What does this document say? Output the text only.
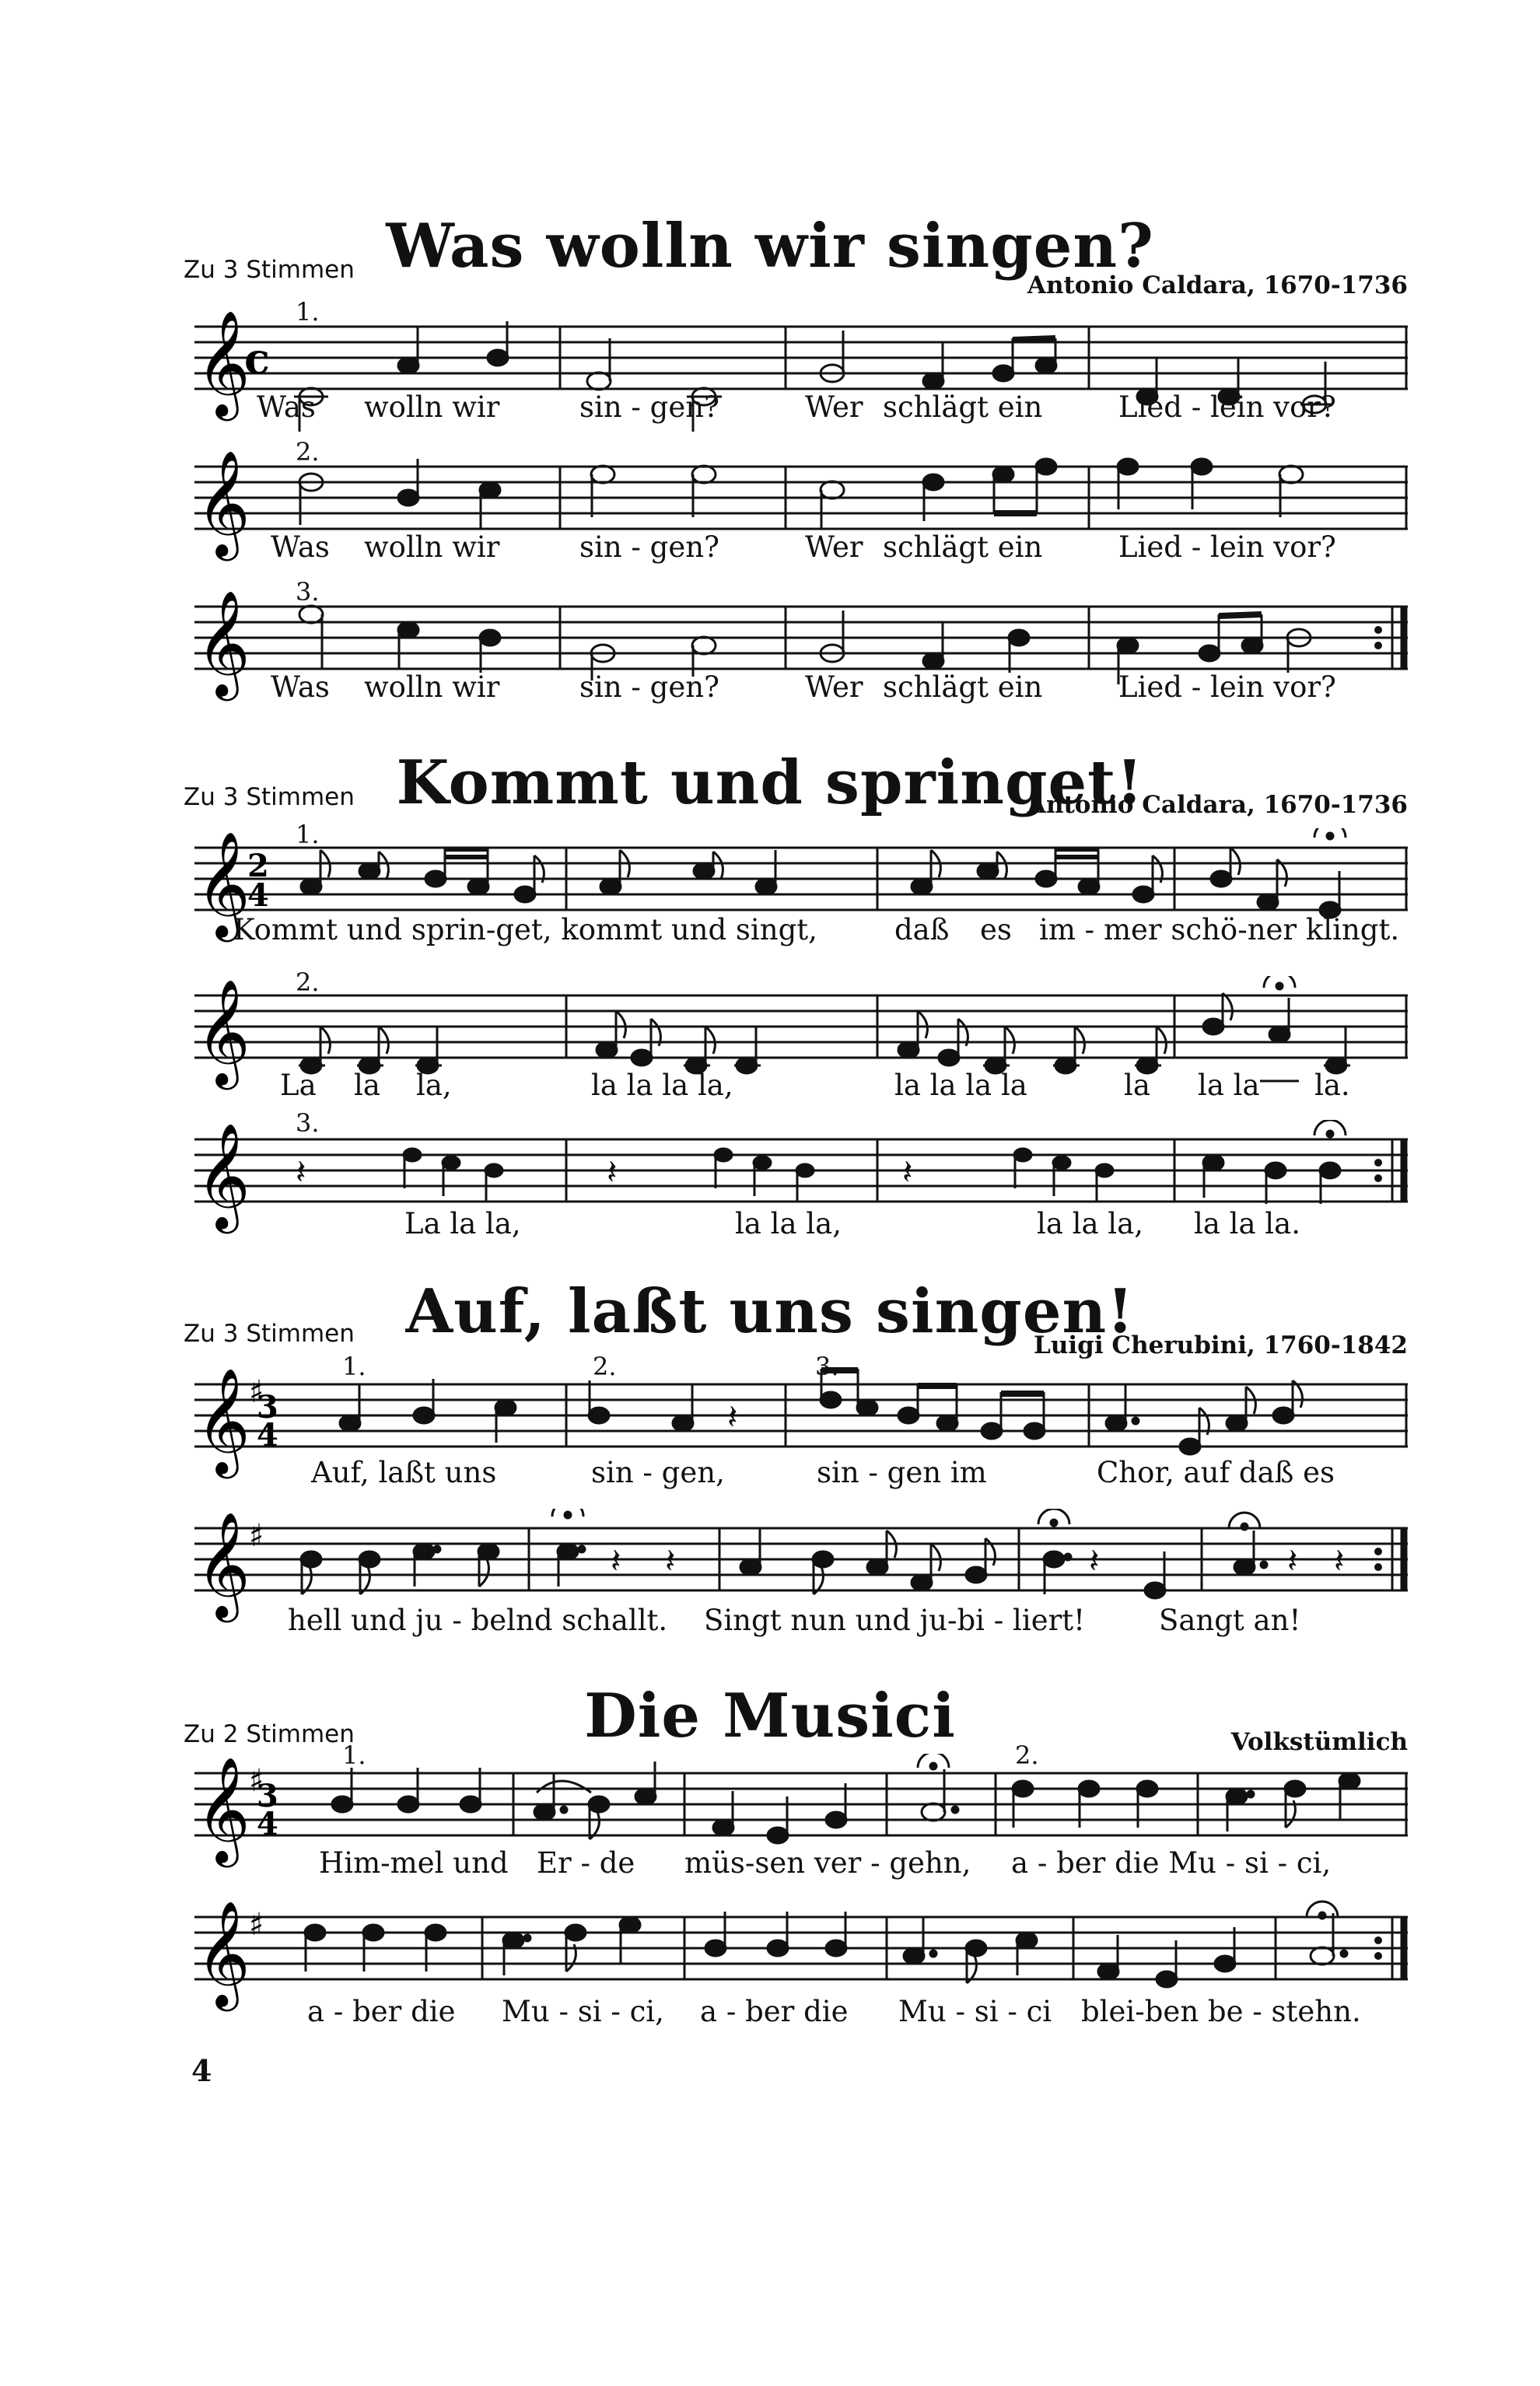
Was wolln wir singen?
Zu 3 Stimmen
Antonio Caldara, 1670-1736
𝄞
c
1.
Was wolln wir	sin - gen?	Wer schlägt ein	Lied - lein vor?
𝄞 2.
Was wolln wir	sin - gen?	Wer schlägt ein	Lied - lein vor?
𝄞 3.
Was wolln wir	sin - gen?	Wer schlägt ein	Lied - lein vor?
Kommt und springet!
Zu 3 Stimmen	Antonio Caldara, 1670-1736
𝄞
2
4
1.
Kommt und sprin-get, kommt und singt,	daß es im - mer schö-ner klingt.
𝄞 2.
La la la,	la la la la,	la la la la	la la la la.
𝄞 𝄽	𝄽	𝄽
3.
La la la,	la la la,	la la la, la la la.
Auf, laßt uns singen!
Zu 3 Stimmen	Luigi Cherubini, 1760-1842
𝄞
♯
3
4	𝄽
1.	2.	3.
Auf, laßt uns	sin - gen,	sin - gen im	Chor, auf daß es
𝄞
♯
𝄽 𝄽	𝄽	𝄽 𝄽
hell und ju - belnd schallt. Singt nun und ju-bi - liert!	Sangt an!
Die Musici
Zu 2 Stimmen	Volkstümlich
𝄞
♯
3
4
1.	2.
Him-mel und Er - de müs-sen ver - gehn, a - ber die Mu - si - ci,
𝄞
♯
a - ber die Mu - si - ci, a - ber die Mu - si - ci blei-ben be - stehn.
4
